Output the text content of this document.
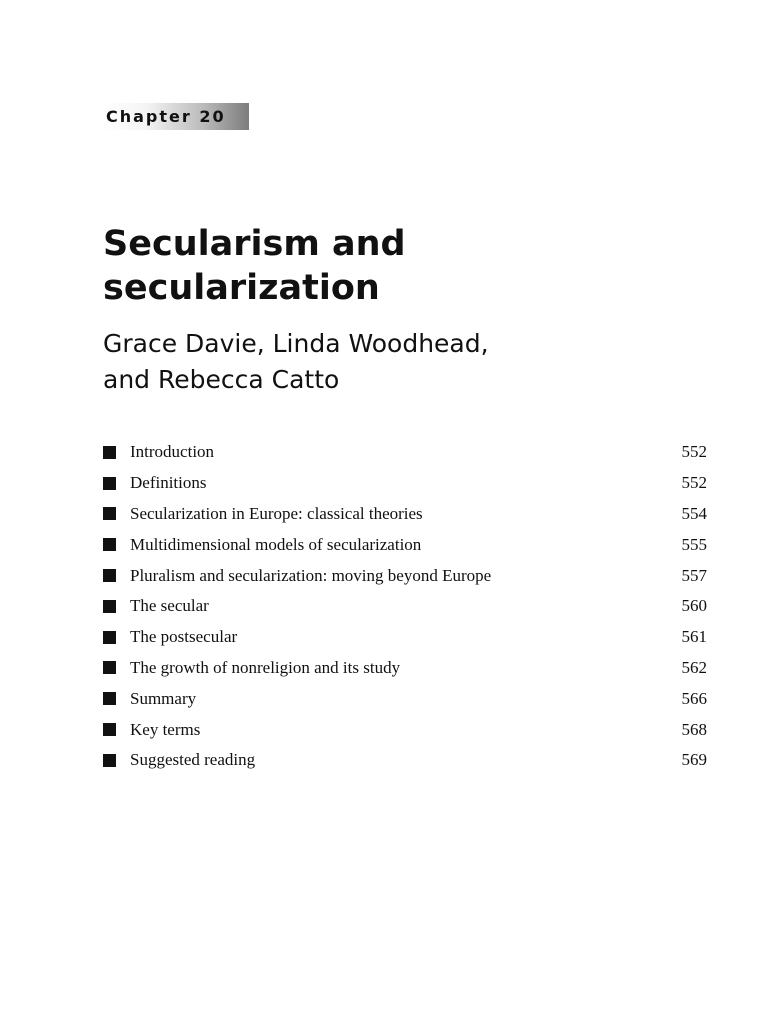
Chapter 20
Secularism and
secularization
Grace Davie, Linda Woodhead,
and Rebecca Catto
Introduction	552
Definitions	552
Secularization in Europe: classical theories	554
Multidimensional models of secularization	555
Pluralism and secularization: moving beyond Europe	557
The secular	560
The postsecular	561
The growth of nonreligion and its study	562
Summary	566
Key terms	568
Suggested reading	569
